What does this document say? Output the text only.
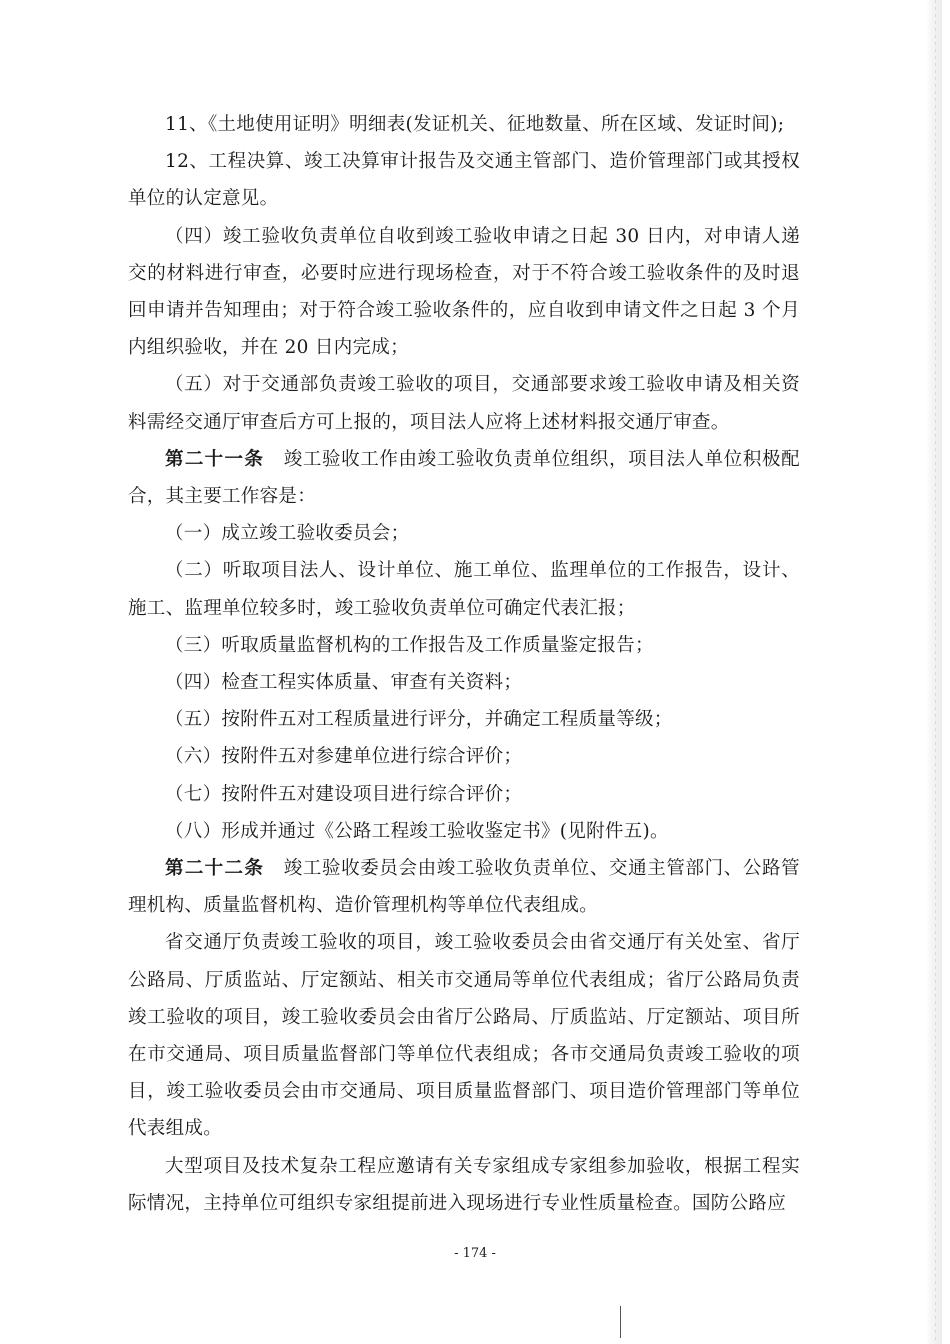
11、《土地使用证明》明细表(发证机关、征地数量、所在区域、发证时间);

12、工程决算、竣工决算审计报告及交通主管部门、造价管理部门或其授权单位的认定意见。

（四）竣工验收负责单位自收到竣工验收申请之日起 30 日内，对申请人递交的材料进行审查，必要时应进行现场检查，对于不符合竣工验收条件的及时退回申请并告知理由；对于符合竣工验收条件的，应自收到申请文件之日起 3 个月内组织验收，并在 20 日内完成；

（五）对于交通部负责竣工验收的项目，交通部要求竣工验收申请及相关资料需经交通厅审查后方可上报的，项目法人应将上述材料报交通厅审查。

第二十一条 竣工验收工作由竣工验收负责单位组织，项目法人单位积极配合，其主要工作容是：

（一）成立竣工验收委员会；

（二）听取项目法人、设计单位、施工单位、监理单位的工作报告，设计、施工、监理单位较多时，竣工验收负责单位可确定代表汇报；

（三）听取质量监督机构的工作报告及工作质量鉴定报告；

（四）检查工程实体质量、审查有关资料；

（五）按附件五对工程质量进行评分，并确定工程质量等级；

（六）按附件五对参建单位进行综合评价；

（七）按附件五对建设项目进行综合评价；

（八）形成并通过《公路工程竣工验收鉴定书》(见附件五)。

第二十二条 竣工验收委员会由竣工验收负责单位、交通主管部门、公路管理机构、质量监督机构、造价管理机构等单位代表组成。

省交通厅负责竣工验收的项目，竣工验收委员会由省交通厅有关处室、省厅公路局、厅质监站、厅定额站、相关市交通局等单位代表组成；省厅公路局负责竣工验收的项目，竣工验收委员会由省厅公路局、厅质监站、厅定额站、项目所在市交通局、项目质量监督部门等单位代表组成；各市交通局负责竣工验收的项目，竣工验收委员会由市交通局、项目质量监督部门、项目造价管理部门等单位代表组成。

大型项目及技术复杂工程应邀请有关专家组成专家组参加验收，根据工程实际情况，主持单位可组织专家组提前进入现场进行专业性质量检查。国防公路应

- 174 -
